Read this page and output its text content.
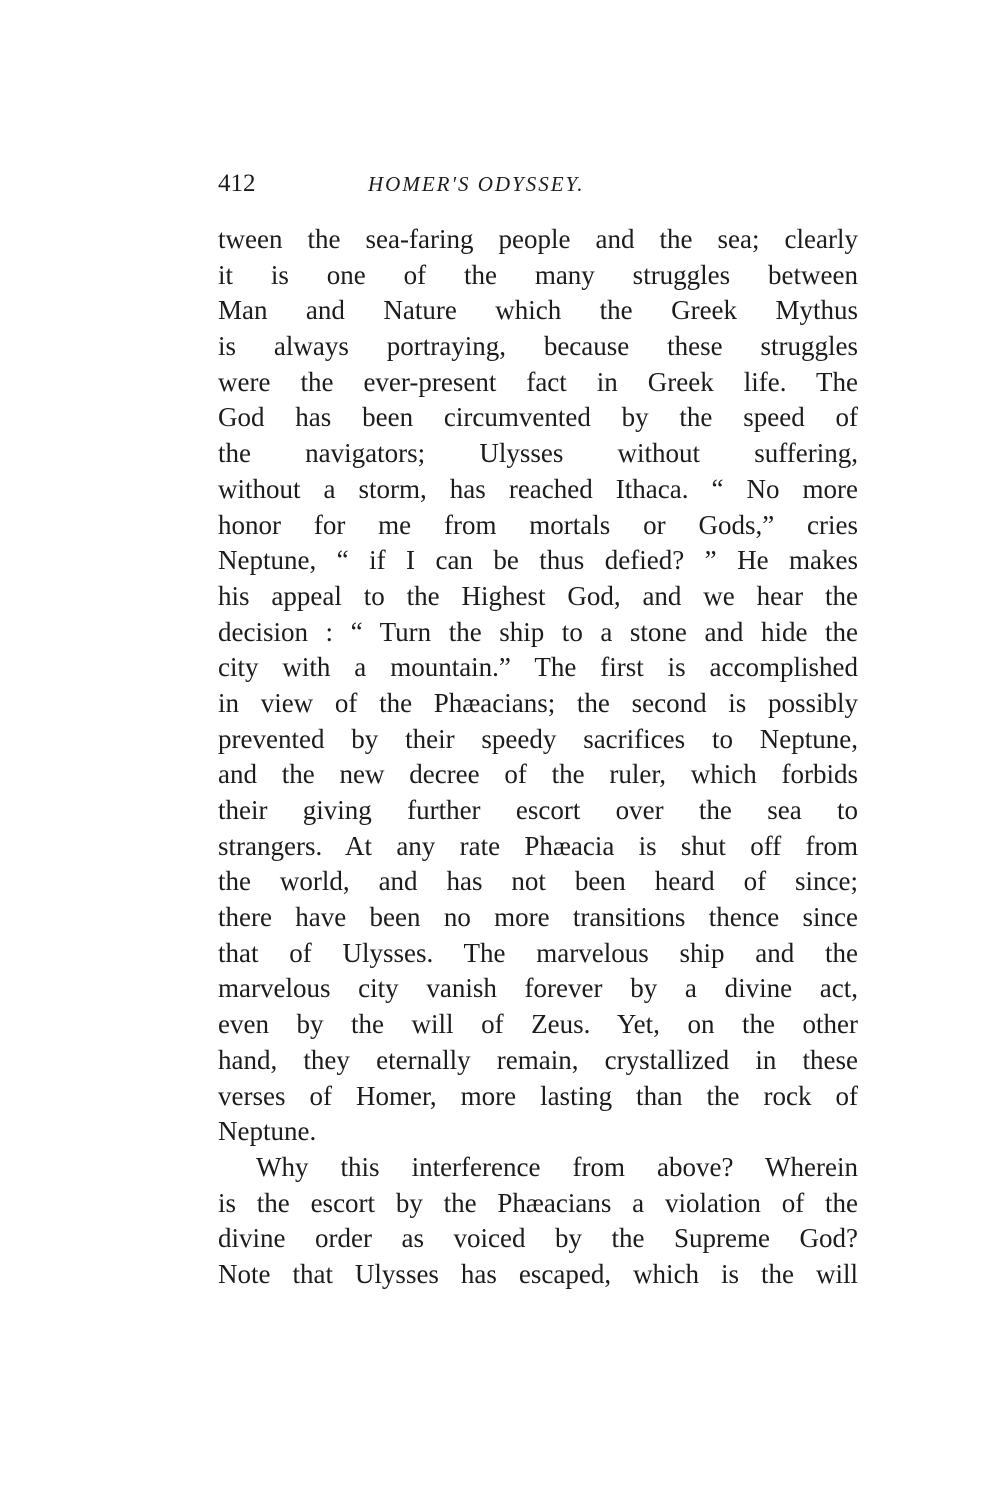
412	HOMER'S ODYSSEY.
tween the sea-faring people and the sea; clearly
it is one of the many struggles between
Man and Nature which the Greek Mythus
is always portraying, because these struggles
were the ever-present fact in Greek life. The
God has been circumvented by the speed of
the navigators; Ulysses without suffering,
without a storm, has reached Ithaca. “ No more
honor for me from mortals or Gods,” cries
Neptune, “ if I can be thus defied? ” He makes
his appeal to the Highest God, and we hear the
decision : “ Turn the ship to a stone and hide the
city with a mountain.” The first is accomplished
in view of the Phæacians; the second is possibly
prevented by their speedy sacrifices to Neptune,
and the new decree of the ruler, which forbids
their giving further escort over the sea to
strangers. At any rate Phæacia is shut off from
the world, and has not been heard of since;
there have been no more transitions thence since
that of Ulysses. The marvelous ship and the
marvelous city vanish forever by a divine act,
even by the will of Zeus. Yet, on the other
hand, they eternally remain, crystallized in these
verses of Homer, more lasting than the rock of
Neptune.
Why this interference from above? Wherein
is the escort by the Phæacians a violation of the
divine order as voiced by the Supreme God?
Note that Ulysses has escaped, which is the will
